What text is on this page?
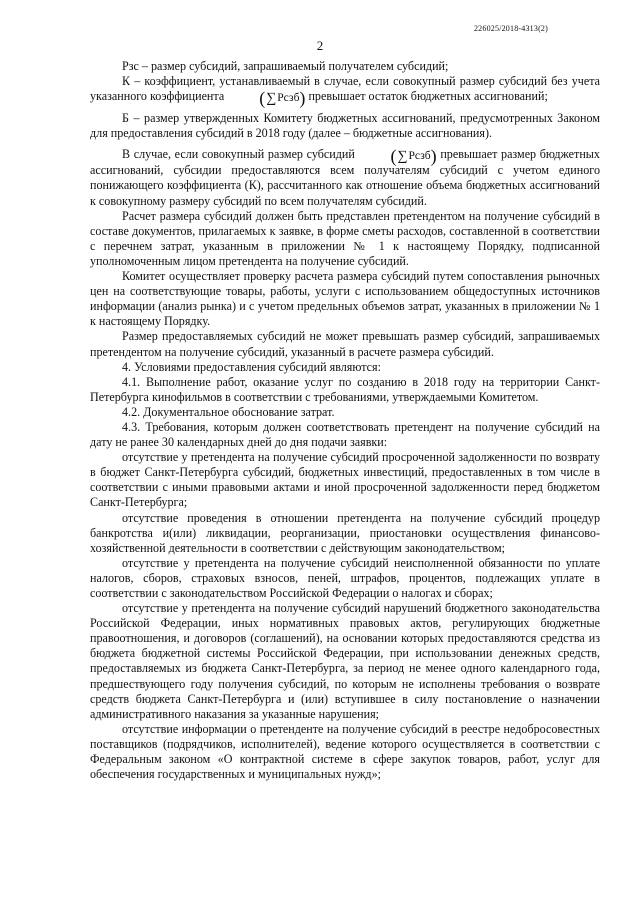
226025/2018-4313(2)
2

Рзс – размер субсидий, запрашиваемый получателем субсидий;

К – коэффициент, устанавливаемый в случае, если совокупный размер субсидий без учета указанного коэффициента (∑Рсзб) превышает остаток бюджетных ассигнований;

Б – размер утвержденных Комитету бюджетных ассигнований, предусмотренных Законом для предоставления субсидий в 2018 году (далее – бюджетные ассигнования).

В случае, если совокупный размер субсидий (∑Рсзб) превышает размер бюджетных ассигнований, субсидии предоставляются всем получателям субсидий с учетом единого понижающего коэффициента (К), рассчитанного как отношение объема бюджетных ассигнований к совокупному размеру субсидий по всем получателям субсидий.

Расчет размера субсидий должен быть представлен претендентом на получение субсидий в составе документов, прилагаемых к заявке, в форме сметы расходов, составленной в соответствии с перечнем затрат, указанным в приложении № 1 к настоящему Порядку, подписанной уполномоченным лицом претендента на получение субсидий.

Комитет осуществляет проверку расчета размера субсидий путем сопоставления рыночных цен на соответствующие товары, работы, услуги с использованием общедоступных источников информации (анализ рынка) и с учетом предельных объемов затрат, указанных в приложении № 1 к настоящему Порядку.

Размер предоставляемых субсидий не может превышать размер субсидий, запрашиваемых претендентом на получение субсидий, указанный в расчете размера субсидий.

4. Условиями предоставления субсидий являются:

4.1. Выполнение работ, оказание услуг по созданию в 2018 году на территории Санкт-Петербурга кинофильмов в соответствии с требованиями, утверждаемыми Комитетом.

4.2. Документальное обоснование затрат.

4.3. Требования, которым должен соответствовать претендент на получение субсидий на дату не ранее 30 календарных дней до дня подачи заявки:

отсутствие у претендента на получение субсидий просроченной задолженности по возврату в бюджет Санкт-Петербурга субсидий, бюджетных инвестиций, предоставленных в том числе в соответствии с иными правовыми актами и иной просроченной задолженности перед бюджетом Санкт-Петербурга;

отсутствие проведения в отношении претендента на получение субсидий процедур банкротства и(или) ликвидации, реорганизации, приостановки осуществления финансово-хозяйственной деятельности в соответствии с действующим законодательством;

отсутствие у претендента на получение субсидий неисполненной обязанности по уплате налогов, сборов, страховых взносов, пеней, штрафов, процентов, подлежащих уплате в соответствии с законодательством Российской Федерации о налогах и сборах;

отсутствие у претендента на получение субсидий нарушений бюджетного законодательства Российской Федерации, иных нормативных правовых актов, регулирующих бюджетные правоотношения, и договоров (соглашений), на основании которых предоставляются средства из бюджета бюджетной системы Российской Федерации, при использовании денежных средств, предоставляемых из бюджета Санкт-Петербурга, за период не менее одного календарного года, предшествующего году получения субсидий, по которым не исполнены требования о возврате средств бюджета Санкт-Петербурга и (или) вступившее в силу постановление о назначении административного наказания за указанные нарушения;

отсутствие информации о претенденте на получение субсидий в реестре недобросовестных поставщиков (подрядчиков, исполнителей), ведение которого осуществляется в соответствии с Федеральным законом «О контрактной системе в сфере закупок товаров, работ, услуг для обеспечения государственных и муниципальных нужд»;
